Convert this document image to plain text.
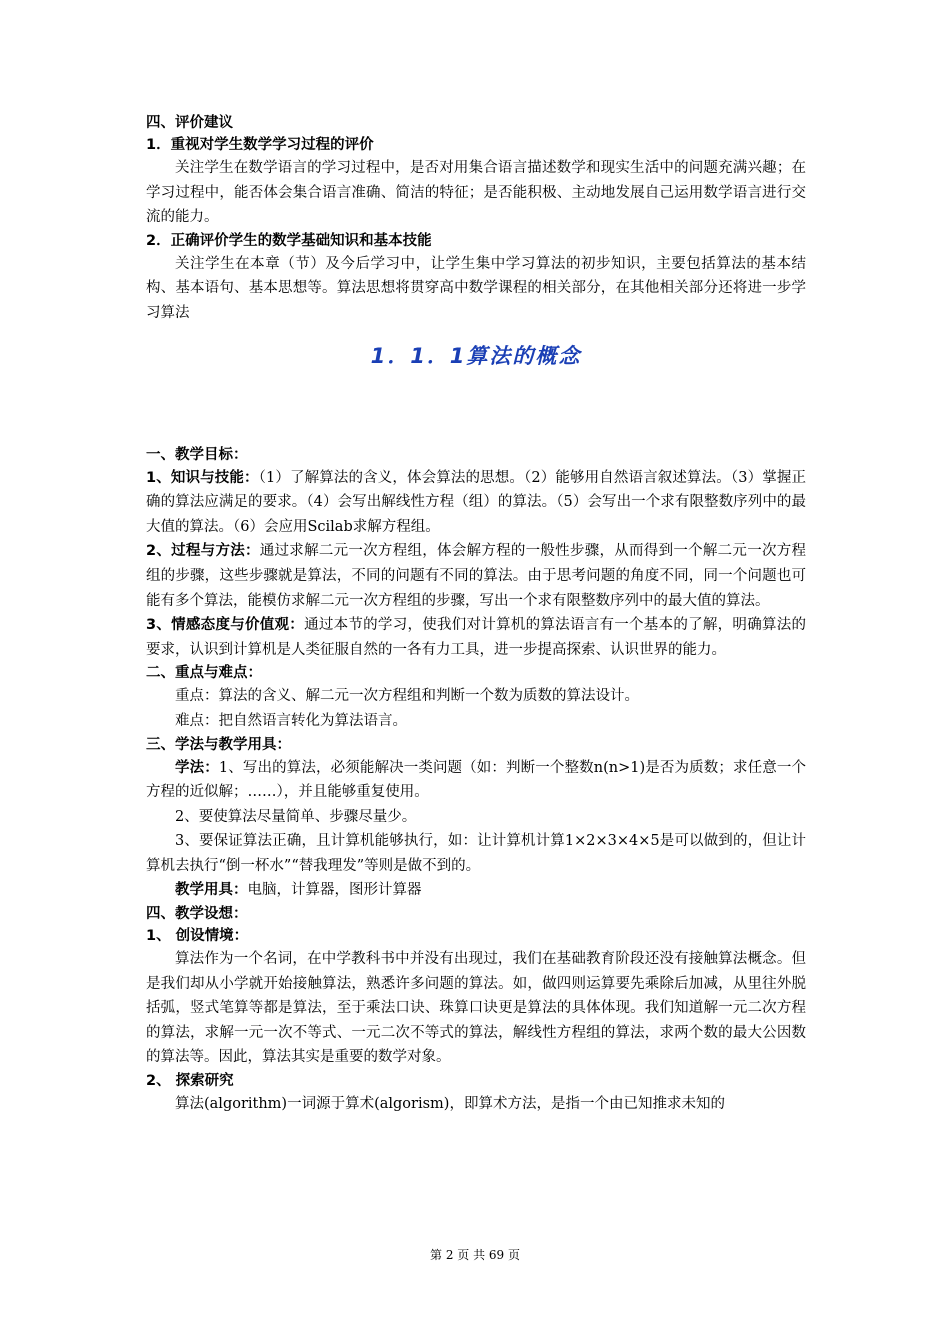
四、评价建议

1．重视对学生数学学习过程的评价

关注学生在数学语言的学习过程中，是否对用集合语言描述数学和现实生活中的问题充满兴趣；在学习过程中，能否体会集合语言准确、简洁的特征；是否能积极、主动地发展自己运用数学语言进行交流的能力。

2．正确评价学生的数学基础知识和基本技能

关注学生在本章（节）及今后学习中，让学生集中学习算法的初步知识，主要包括算法的基本结构、基本语句、基本思想等。算法思想将贯穿高中数学课程的相关部分，在其他相关部分还将进一步学习算法

1．1．1算法的概念

一、教学目标：

1、知识与技能：（1）了解算法的含义，体会算法的思想。（2）能够用自然语言叙述算法。（3）掌握正确的算法应满足的要求。（4）会写出解线性方程（组）的算法。（5）会写出一个求有限整数序列中的最大值的算法。（6）会应用Scilab求解方程组。

2、过程与方法：通过求解二元一次方程组，体会解方程的一般性步骤，从而得到一个解二元一次方程组的步骤，这些步骤就是算法，不同的问题有不同的算法。由于思考问题的角度不同，同一个问题也可能有多个算法，能模仿求解二元一次方程组的步骤，写出一个求有限整数序列中的最大值的算法。

3、情感态度与价值观：通过本节的学习，使我们对计算机的算法语言有一个基本的了解，明确算法的要求，认识到计算机是人类征服自然的一各有力工具，进一步提高探索、认识世界的能力。

二、重点与难点：

重点：算法的含义、解二元一次方程组和判断一个数为质数的算法设计。

难点：把自然语言转化为算法语言。

三、学法与教学用具：

学法：1、写出的算法，必须能解决一类问题（如：判断一个整数n(n>1)是否为质数；求任意一个方程的近似解；……），并且能够重复使用。

2、要使算法尽量简单、步骤尽量少。

3、要保证算法正确，且计算机能够执行，如：让计算机计算1×2×3×4×5是可以做到的，但让计算机去执行“倒一杯水”“替我理发”等则是做不到的。

教学用具：电脑，计算器，图形计算器

四、教学设想：

1、 创设情境：

算法作为一个名词，在中学教科书中并没有出现过，我们在基础教育阶段还没有接触算法概念。但是我们却从小学就开始接触算法，熟悉许多问题的算法。如，做四则运算要先乘除后加减，从里往外脱括弧，竖式笔算等都是算法，至于乘法口诀、珠算口诀更是算法的具体体现。我们知道解一元二次方程的算法，求解一元一次不等式、一元二次不等式的算法，解线性方程组的算法，求两个数的最大公因数的算法等。因此，算法其实是重要的数学对象。

2、 探索研究

算法(algorithm)一词源于算术(algorism)，即算术方法，是指一个由已知推求未知的

第 2 页 共 69 页
